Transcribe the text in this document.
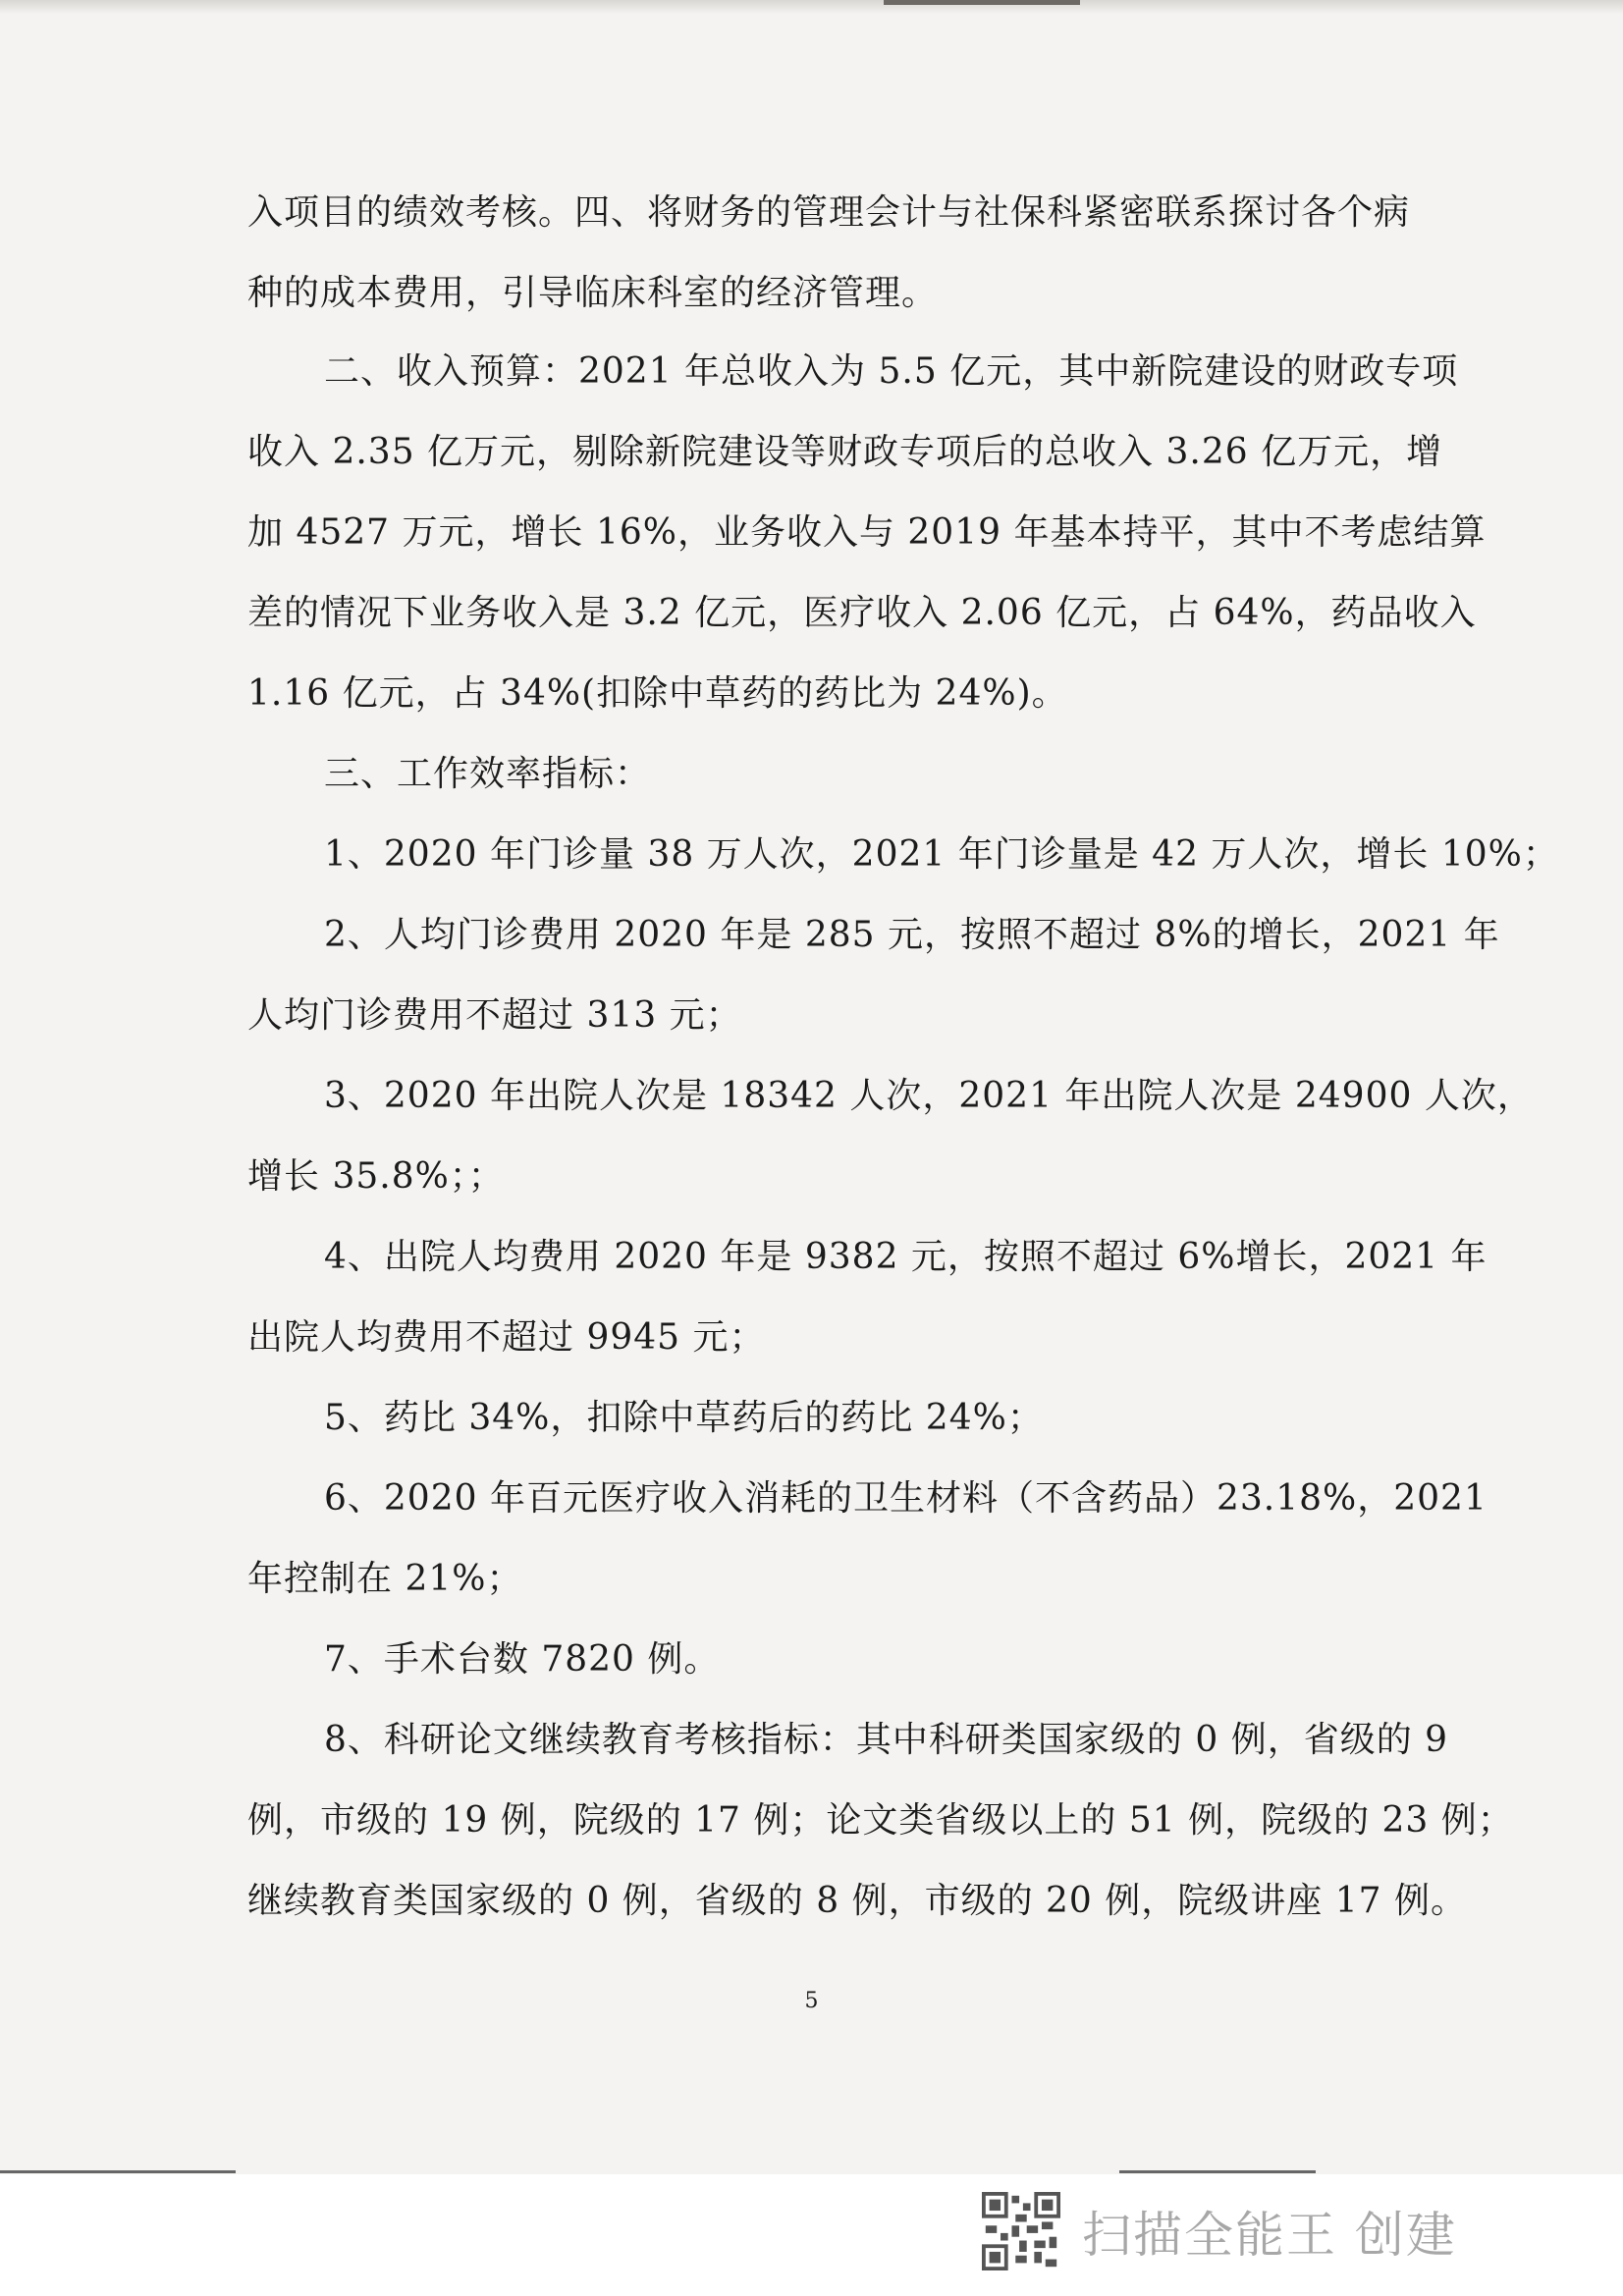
入项目的绩效考核。四、将财务的管理会计与社保科紧密联系探讨各个病
种的成本费用，引导临床科室的经济管理。
二、收入预算：2021 年总收入为 5.5 亿元，其中新院建设的财政专项
收入 2.35 亿万元，剔除新院建设等财政专项后的总收入 3.26 亿万元，增
加 4527 万元，增长 16%，业务收入与 2019 年基本持平，其中不考虑结算
差的情况下业务收入是 3.2 亿元，医疗收入 2.06 亿元，占 64%，药品收入
1.16 亿元，占 34%(扣除中草药的药比为 24%)。
三、工作效率指标：
1、2020 年门诊量 38 万人次，2021 年门诊量是 42 万人次，增长 10%；
2、人均门诊费用 2020 年是 285 元，按照不超过 8%的增长，2021 年
人均门诊费用不超过 313 元；
3、2020 年出院人次是 18342 人次，2021 年出院人次是 24900 人次，
增长 35.8%；；
4、出院人均费用 2020 年是 9382 元，按照不超过 6%增长，2021 年
出院人均费用不超过 9945 元；
5、药比 34%，扣除中草药后的药比 24%；
6、2020 年百元医疗收入消耗的卫生材料（不含药品）23.18%，2021
年控制在 21%；
7、手术台数 7820 例。
8、科研论文继续教育考核指标：其中科研类国家级的 0 例，省级的 9
例，市级的 19 例，院级的 17 例；论文类省级以上的 51 例，院级的 23 例；
继续教育类国家级的 0 例，省级的 8 例，市级的 20 例，院级讲座 17 例。
5
扫描全能王 创建
